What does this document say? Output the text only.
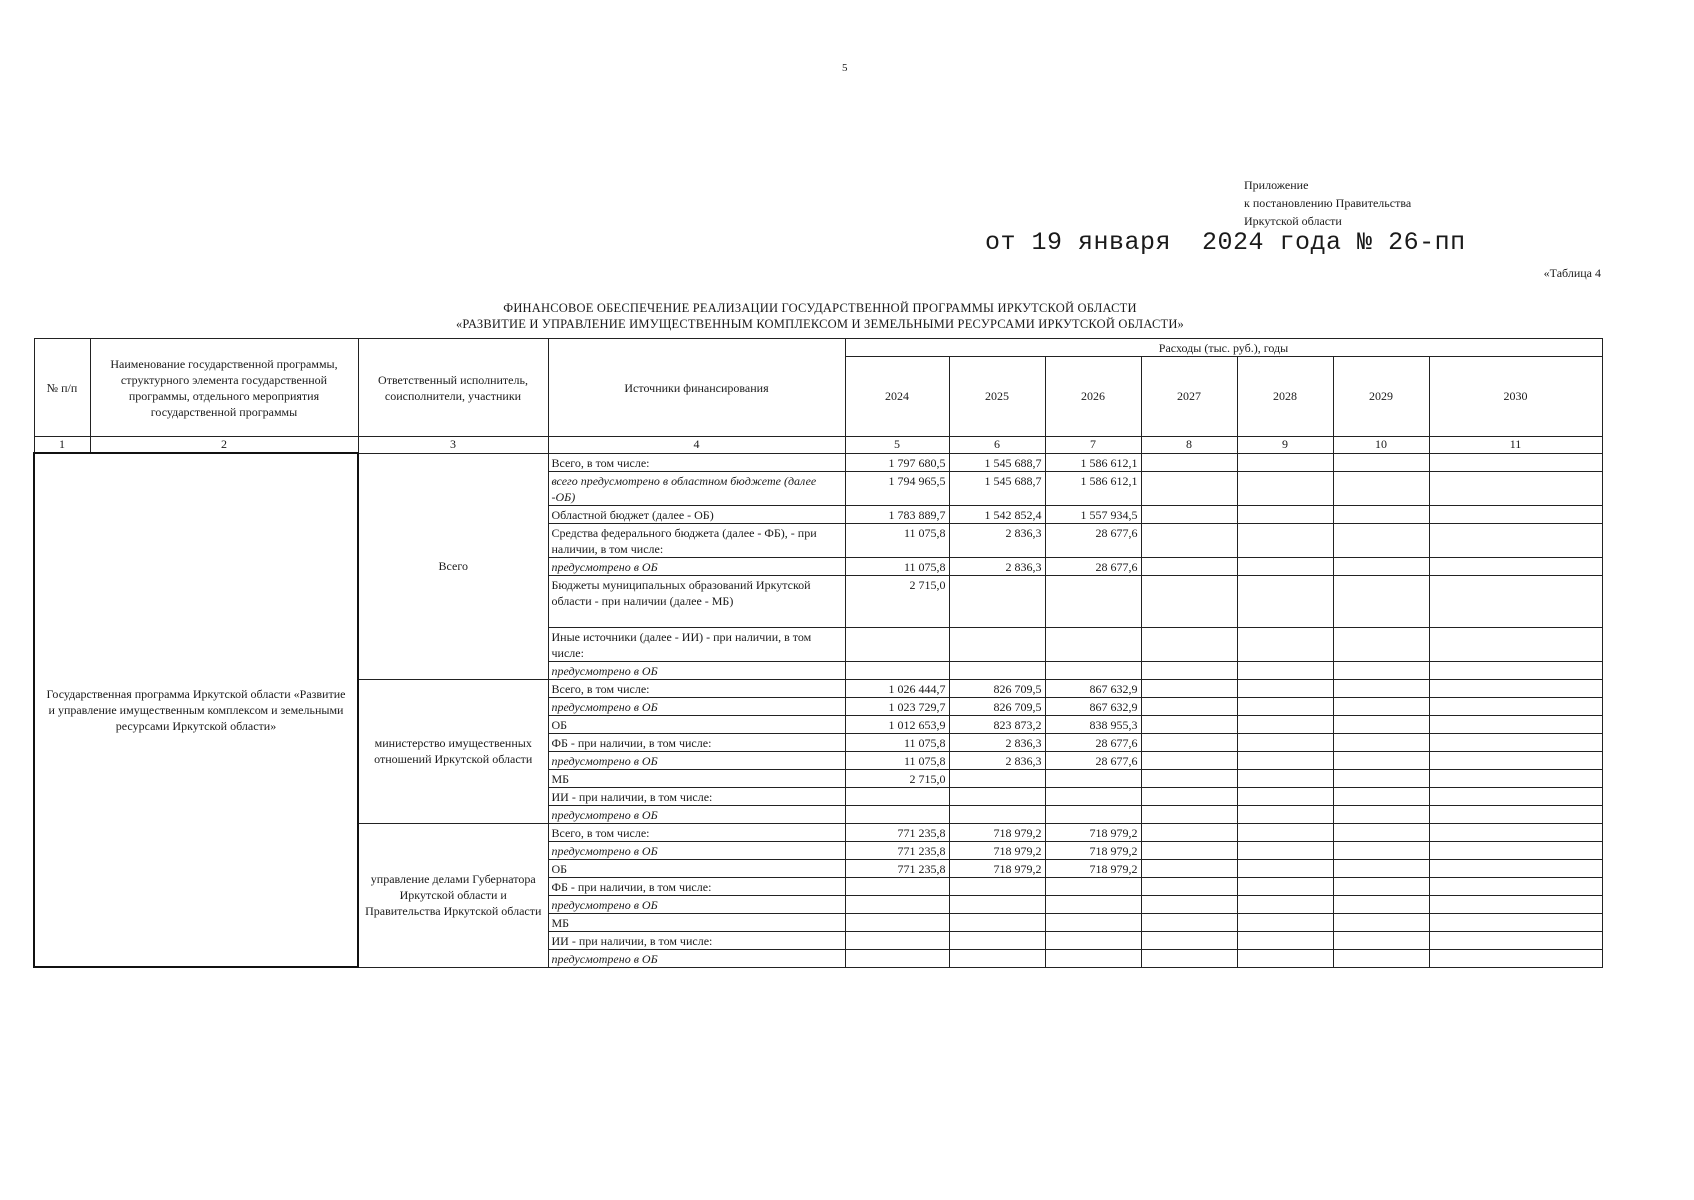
5
Приложение
к постановлению Правительства
Иркутской области
от 19 января  2024 года № 26-пп
«Таблица 4
ФИНАНСОВОЕ ОБЕСПЕЧЕНИЕ РЕАЛИЗАЦИИ ГОСУДАРСТВЕННОЙ ПРОГРАММЫ ИРКУТСКОЙ ОБЛАСТИ
«РАЗВИТИЕ И УПРАВЛЕНИЕ ИМУЩЕСТВЕННЫМ КОМПЛЕКСОМ И ЗЕМЕЛЬНЫМИ РЕСУРСАМИ ИРКУТСКОЙ ОБЛАСТИ»
№ п/п	Наименование государственной программы, структурного элемента государственной программы, отдельного мероприятия государственной программы	Ответственный исполнитель, соисполнители, участники	Источники финансирования	Расходы (тыс. руб.), годы						
				2024	2025	2026	2027	2028	2029	2030
1	2	3	4	5	6	7	8	9	10	11
Государственная программа Иркутской области «Развитие и управление имущественным комплексом и земельными ресурсами Иркутской области»		Всего	Всего, в том числе:	1 797 680,5	1 545 688,7	1 586 612,1				
			всего предусмотрено в областном бюджете (далее -ОБ)	1 794 965,5	1 545 688,7	1 586 612,1				
			Областной бюджет (далее - ОБ)	1 783 889,7	1 542 852,4	1 557 934,5				
			Средства федерального бюджета (далее - ФБ), - при наличии, в том числе:	11 075,8	2 836,3	28 677,6				
			предусмотрено в ОБ	11 075,8	2 836,3	28 677,6				
			Бюджеты муниципальных образований Иркутской области - при наличии (далее - МБ)	2 715,0						
			Иные источники (далее - ИИ) - при наличии, в том числе:							
			предусмотрено в ОБ							
		министерство имущественных отношений Иркутской области	Всего, в том числе:	1 026 444,7	826 709,5	867 632,9				
			предусмотрено в ОБ	1 023 729,7	826 709,5	867 632,9				
			ОБ	1 012 653,9	823 873,2	838 955,3				
			ФБ - при наличии, в том числе:	11 075,8	2 836,3	28 677,6				
			предусмотрено в ОБ	11 075,8	2 836,3	28 677,6				
			МБ	2 715,0						
			ИИ - при наличии, в том числе:							
			предусмотрено в ОБ							
		управление делами Губернатора Иркутской области и Правительства Иркутской области	Всего, в том числе:	771 235,8	718 979,2	718 979,2				
			предусмотрено в ОБ	771 235,8	718 979,2	718 979,2				
			ОБ	771 235,8	718 979,2	718 979,2				
			ФБ - при наличии, в том числе:							
			предусмотрено в ОБ							
			МБ							
			ИИ - при наличии, в том числе:							
			предусмотрено в ОБ							
